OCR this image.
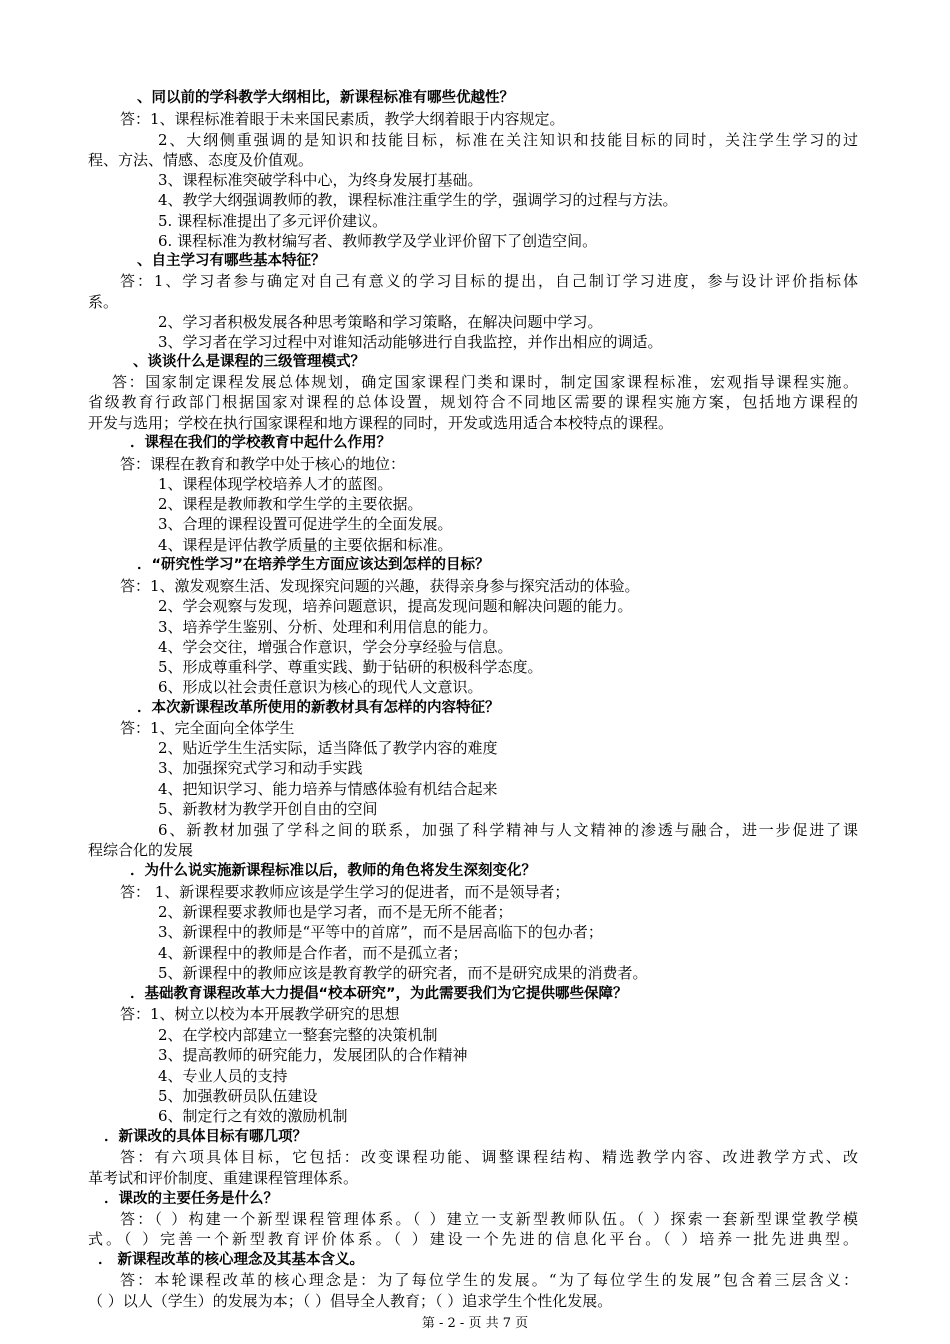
、同以前的学科教学大纲相比，新课程标准有哪些优越性？
答：1、课程标准着眼于未来国民素质，教学大纲着眼于内容规定。
2、大纲侧重强调的是知识和技能目标，标准在关注知识和技能目标的同时，关注学生学习的过
程、方法、情感、态度及价值观。
3、课程标准突破学科中心，为终身发展打基础。
4、教学大纲强调教师的教，课程标准注重学生的学，强调学习的过程与方法。
5. 课程标准提出了多元评价建议。
6. 课程标准为教材编写者、教师教学及学业评价留下了创造空间。
、自主学习有哪些基本特征？
答：1、学习者参与确定对自己有意义的学习目标的提出，自己制订学习进度，参与设计评价指标体
系。
2、学习者积极发展各种思考策略和学习策略，在解决问题中学习。
3、学习者在学习过程中对谁知活动能够进行自我监控，并作出相应的调适。
、谈谈什么是课程的三级管理模式？
答：国家制定课程发展总体规划，确定国家课程门类和课时，制定国家课程标准，宏观指导课程实施。
省级教育行政部门根据国家对课程的总体设置，规划符合不同地区需要的课程实施方案，包括地方课程的
开发与选用；学校在执行国家课程和地方课程的同时，开发或选用适合本校特点的课程。
．课程在我们的学校教育中起什么作用？
答：课程在教育和教学中处于核心的地位：
1、课程体现学校培养人才的蓝图。
2、课程是教师教和学生学的主要依据。
3、合理的课程设置可促进学生的全面发展。
4、课程是评估教学质量的主要依据和标准。
．“研究性学习”在培养学生方面应该达到怎样的目标？
答：1、激发观察生活、发现探究问题的兴趣，获得亲身参与探究活动的体验。
2、学会观察与发现，培养问题意识，提高发现问题和解决问题的能力。
3、培养学生鉴别、分析、处理和利用信息的能力。
4、学会交往，增强合作意识，学会分享经验与信息。
5、形成尊重科学、尊重实践、勤于钻研的积极科学态度。
6、形成以社会责任意识为核心的现代人文意识。
．本次新课程改革所使用的新教材具有怎样的内容特征？
答：1、完全面向全体学生
2、贴近学生生活实际，适当降低了教学内容的难度
3、加强探究式学习和动手实践
4、把知识学习、能力培养与情感体验有机结合起来
5、新教材为教学开创自由的空间
6、新教材加强了学科之间的联系，加强了科学精神与人文精神的渗透与融合，进一步促进了课
程综合化的发展
．为什么说实施新课程标准以后，教师的角色将发生深刻变化？
答： 1、新课程要求教师应该是学生学习的促进者，而不是领导者；
2、新课程要求教师也是学习者，而不是无所不能者；
3、新课程中的教师是“平等中的首席”，而不是居高临下的包办者；
4、新课程中的教师是合作者，而不是孤立者；
5、新课程中的教师应该是教育教学的研究者，而不是研究成果的消费者。
．基础教育课程改革大力提倡“校本研究”，为此需要我们为它提供哪些保障？
答：1、树立以校为本开展教学研究的思想
2、在学校内部建立一整套完整的决策机制
3、提高教师的研究能力，发展团队的合作精神
4、专业人员的支持
5、加强教研员队伍建设
6、制定行之有效的激励机制
．新课改的具体目标有哪几项？
答：有六项具体目标，它包括：改变课程功能、调整课程结构、精选教学内容、改进教学方式、改
革考试和评价制度、重建课程管理体系。
．课改的主要任务是什么？
答：（ ）构建一个新型课程管理体系。（ ）建立一支新型教师队伍。（ ）探索一套新型课堂教学模
式。（ ）完善一个新型教育评价体系。（ ）建设一个先进的信息化平台。（ ）培养一批先进典型。
． 新课程改革的核心理念及其基本含义。
答：本轮课程改革的核心理念是：为了每位学生的发展。“为了每位学生的发展”包含着三层含义：
（ ）以人（学生）的发展为本；（ ）倡导全人教育；（ ）追求学生个性化发展。
第 - 2 - 页 共 7 页
